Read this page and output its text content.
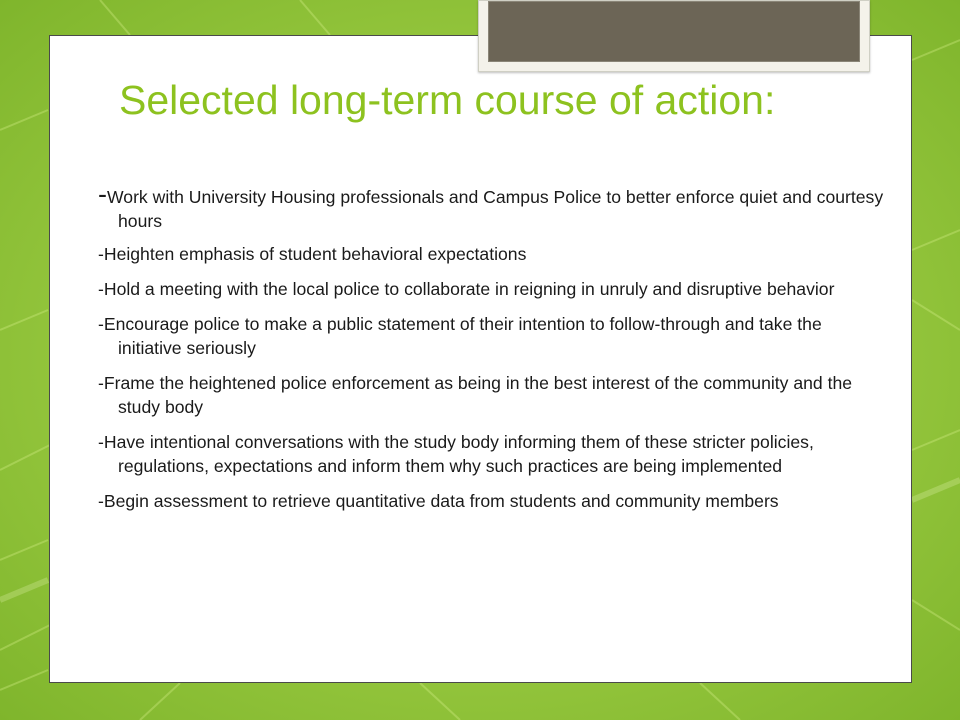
Selected long-term course of action:
-Work with University Housing professionals and Campus Police to better enforce quiet and courtesy hours
-Heighten emphasis of student behavioral expectations
-Hold a meeting with the local police to collaborate in reigning in unruly and disruptive behavior
-Encourage police to make a public statement of their intention to follow-through and take the initiative seriously
-Frame the heightened police enforcement as being in the best interest of the community and the study body
-Have intentional conversations with the study body informing them of these stricter policies, regulations, expectations and inform them why such practices are being implemented
-Begin assessment to retrieve quantitative data from students and community members
